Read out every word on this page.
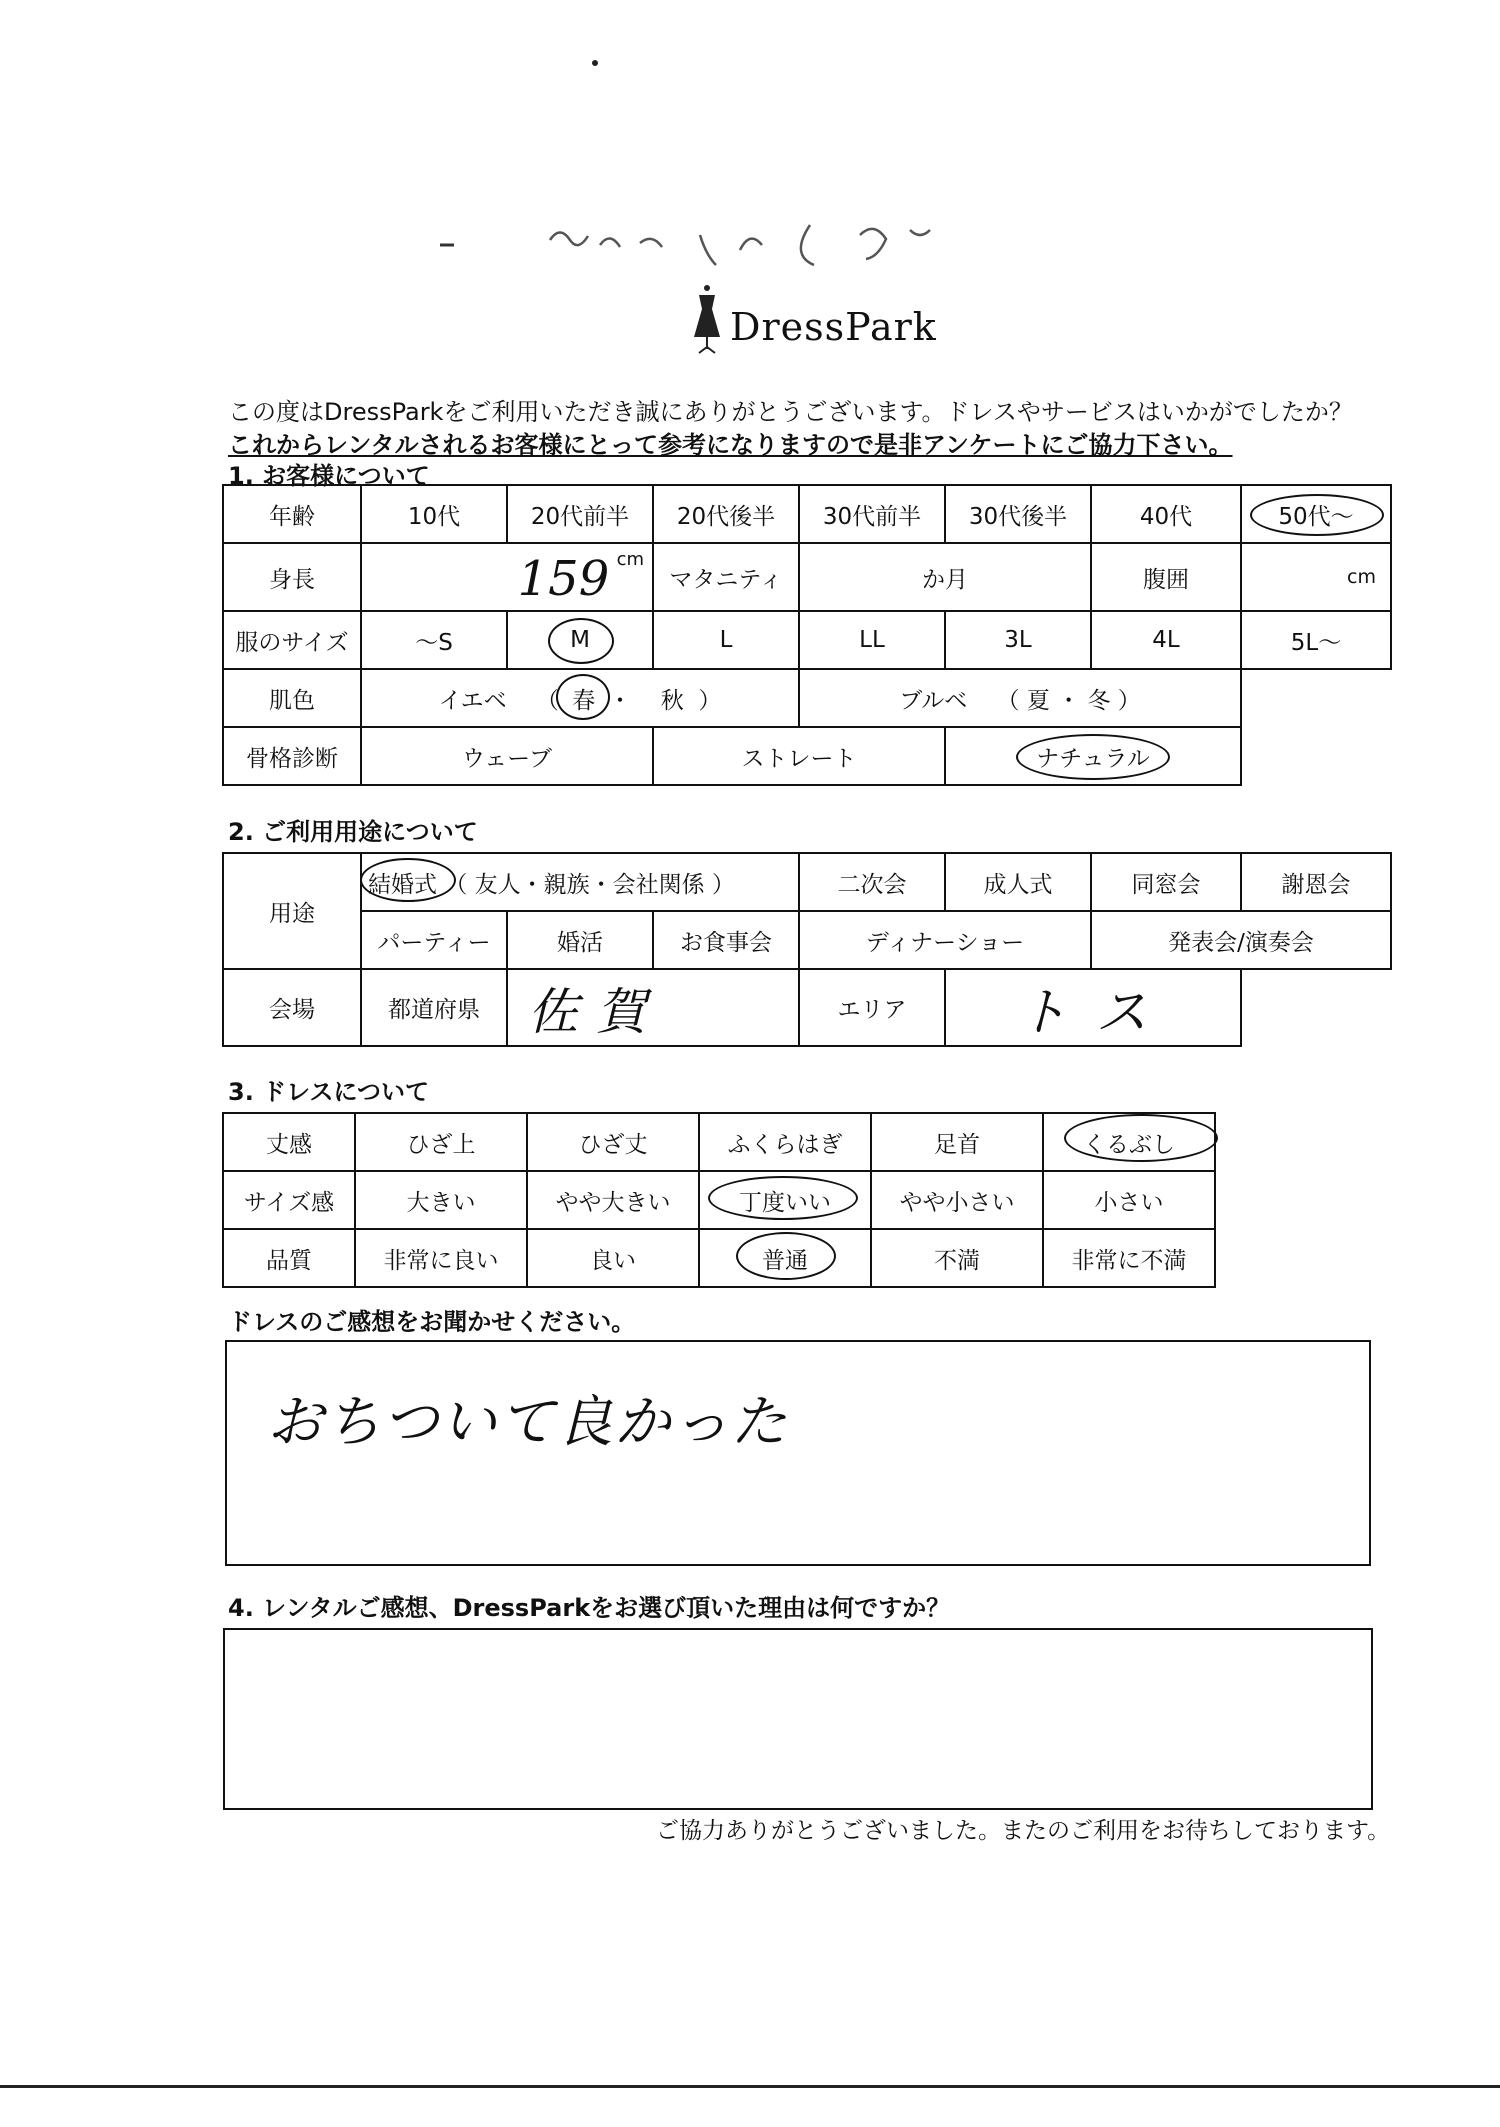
DressPark
この度はDressParkをご利用いただき誠にありがとうございます。ドレスやサービスはいかがでしたか？
これからレンタルされるお客様にとって参考になりますので是非アンケートにご協力下さい。
1. お客様について
年齢	10代	20代前半	20代後半	30代前半	30代後半	40代	50代～

身長	159 $^{cm}$		マタニティ	か月		腹囲	cm
服のサイズ	～S	M	L	LL	3L	4L	5L～
肌色	イエベ （ 春 ・ 秋 ）			ブルベ （ 夏 ・ 冬 ）			
骨格診断	ウェーブ		ストレート		ナチュラル	

2. ご利用用途について
用途	結婚式 （ 友人・親族・会社関係 ）			二次会	成人式	同窓会	謝恩会
	パーティー	婚活	お食事会	ディナーショー		発表会/演奏会	
会場	都道府県	佐賀		エリア	トス		
3. ドレスについて
丈感	ひざ上	ひざ丈	ふくらはぎ	足首	くるぶし

サイズ感	大きい	やや大きい	丁度いい	やや小さい	小さい
品質	非常に良い	良い	普通	不満	非常に不満
ドレスのご感想をお聞かせください。
おちついて良かった
4. レンタルご感想、DressParkをお選び頂いた理由は何ですか？
ご協力ありがとうございました。またのご利用をお待ちしております。
